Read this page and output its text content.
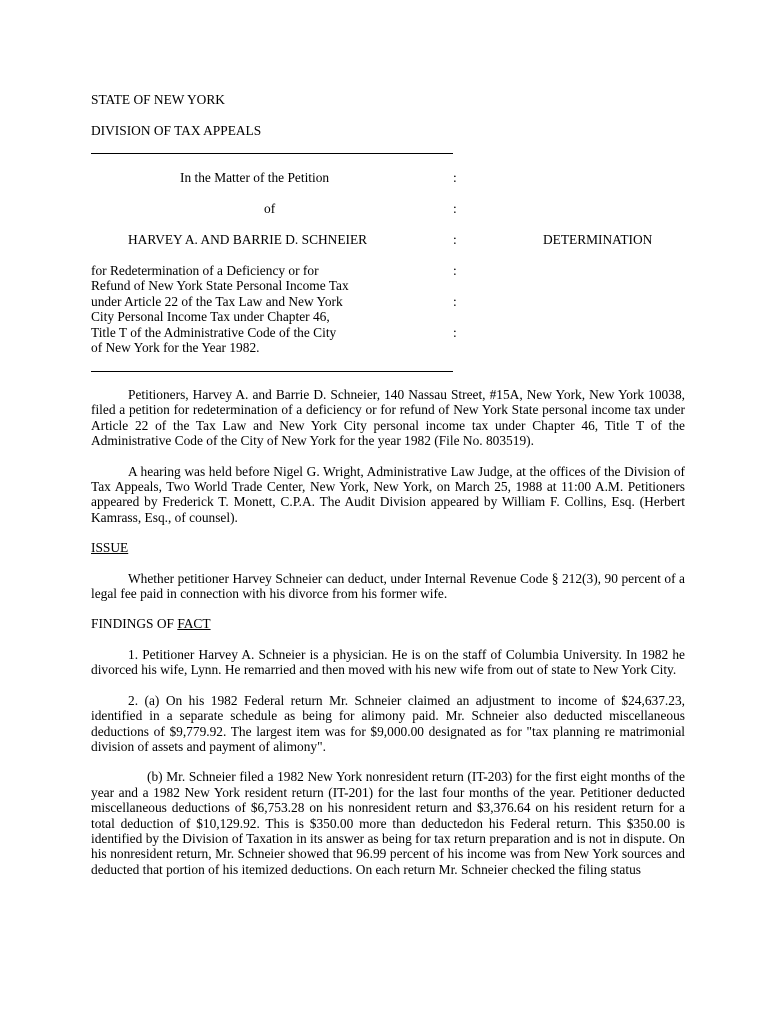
STATE OF NEW YORK
DIVISION OF TAX APPEALS
In the Matter of the Petition	:
of	:
HARVEY A. AND BARRIE D. SCHNEIER	:	DETERMINATION
for Redetermination of a Deficiency or for
Refund of New York State Personal Income Tax
under Article 22 of the Tax Law and New York
City Personal Income Tax under Chapter 46,
Title T of the Administrative Code of the City
of New York for the Year 1982.
:
:
:

Petitioners, Harvey A. and Barrie D. Schneier, 140 Nassau Street, #15A, New York, New York 10038, filed a petition for redetermination of a deficiency or for refund of New York State personal income tax under Article 22 of the Tax Law and New York City personal income tax under Chapter 46, Title T of the Administrative Code of the City of New York for the year 1982 (File No. 803519).

A hearing was held before Nigel G. Wright, Administrative Law Judge, at the offices of the Division of Tax Appeals, Two World Trade Center, New York, New York, on March 25, 1988 at 11:00 A.M. Petitioners appeared by Frederick T. Monett, C.P.A. The Audit Division appeared by William F. Collins, Esq. (Herbert Kamrass, Esq., of counsel).

ISSUE

Whether petitioner Harvey Schneier can deduct, under Internal Revenue Code § 212(3), 90 percent of a legal fee paid in connection with his divorce from his former wife.

FINDINGS OF FACT

1. Petitioner Harvey A. Schneier is a physician. He is on the staff of Columbia University. In 1982 he divorced his wife, Lynn. He remarried and then moved with his new wife from out of state to New York City.

2. (a) On his 1982 Federal return Mr. Schneier claimed an adjustment to income of $24,637.23, identified in a separate schedule as being for alimony paid. Mr. Schneier also deducted miscellaneous deductions of $9,779.92. The largest item was for $9,000.00 designated as for "tax planning re matrimonial division of assets and payment of alimony".

(b) Mr. Schneier filed a 1982 New York nonresident return (IT-203) for the first eight months of the year and a 1982 New York resident return (IT-201) for the last four months of the year. Petitioner deducted miscellaneous deductions of $6,753.28 on his nonresident return and $3,376.64 on his resident return for a total deduction of $10,129.92. This is $350.00 more than deductedon his Federal return. This $350.00 is identified by the Division of Taxation in its answer as being for tax return preparation and is not in dispute. On his nonresident return, Mr. Schneier showed that 96.99 percent of his income was from New York sources and deducted that portion of his itemized deductions. On each return Mr. Schneier checked the filing status
